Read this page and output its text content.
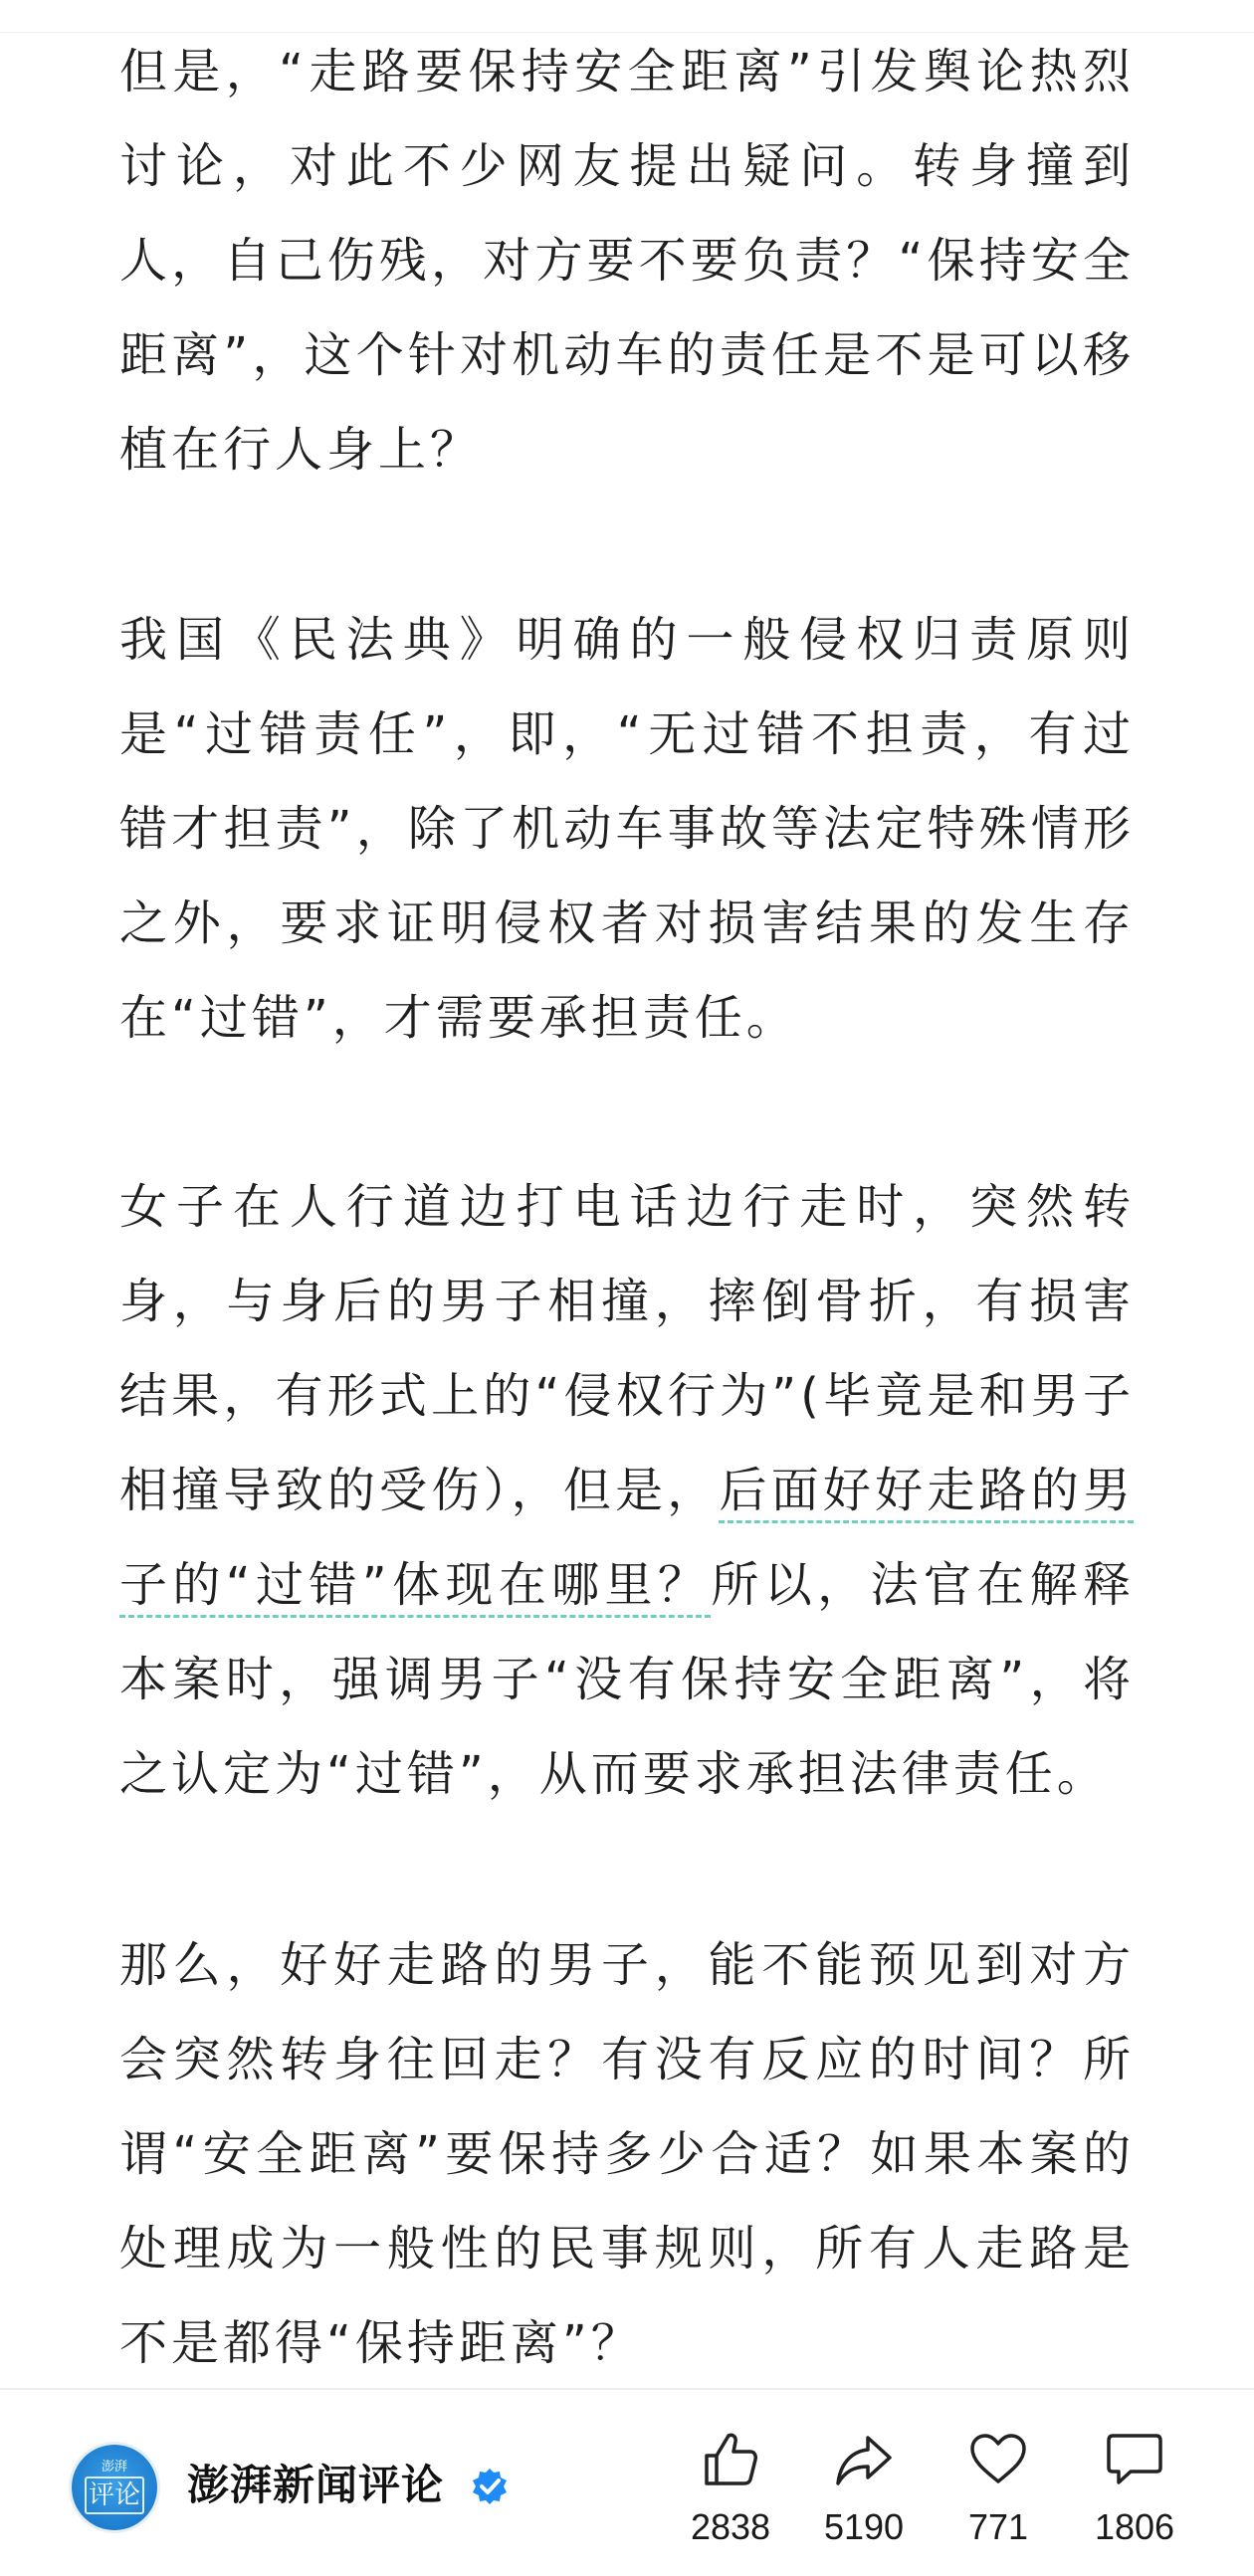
但是，“走路要保持安全距离”引发舆论热烈讨论，对此不少网友提出疑问。转身撞到人，自己伤残，对方要不要负责？“保持安全距离”，这个针对机动车的责任是不是可以移植在行人身上？

我国《民法典》明确的一般侵权归责原则是“过错责任”，即，“无过错不担责，有过错才担责”，除了机动车事故等法定特殊情形之外，要求证明侵权者对损害结果的发生存在“过错”，才需要承担责任。

女子在人行道边打电话边行走时，突然转身，与身后的男子相撞，摔倒骨折，有损害结果，有形式上的“侵权行为”(毕竟是和男子相撞导致的受伤），但是，后面好好走路的男子的“过错”体现在哪里？所以，法官在解释本案时，强调男子“没有保持安全距离”，将之认定为“过错”，从而要求承担法律责任。

那么，好好走路的男子，能不能预见到对方会突然转身往回走？有没有反应的时间？所谓“安全距离”要保持多少合适？如果本案的处理成为一般性的民事规则，所有人走路是不是都得“保持距离”？

澎湃
评论 澎湃新闻评论
2838	5190	771	1806
